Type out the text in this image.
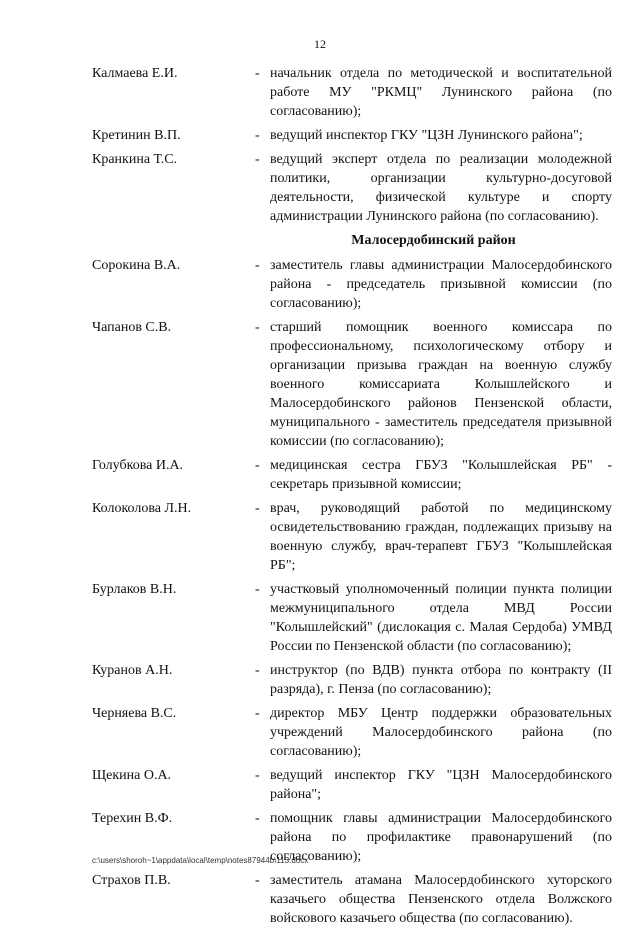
12
Калмаева Е.И.	- начальник отдела по методической и воспитательной работе МУ "РКМЦ" Лунинского района (по согласованию);
Кретинин В.П.	- ведущий инспектор ГКУ "ЦЗН Лунинского района";
Кранкина Т.С.	- ведущий эксперт отдела по реализации молодежной политики, организации культурно-досуговой деятельности, физической культуре и спорту администрации Лунинского района (по согласованию).
Малосердобинский район
Сорокина В.А.	- заместитель главы администрации Малосердобинского района - председатель призывной комиссии (по согласованию);
Чапанов С.В.	- старший помощник военного комиссара по профессиональному, психологическому отбору и организации призыва граждан на военную службу военного комиссариата Колышлейского и Малосердобинского районов Пензенской области, муниципального - заместитель председателя призывной комиссии (по согласованию);
Голубкова И.А.	- медицинская сестра ГБУЗ "Колышлейская РБ" - секретарь призывной комиссии;
Колоколова Л.Н.	- врач, руководящий работой по медицинскому освидетельствованию граждан, подлежащих призыву на военную службу, врач-терапевт ГБУЗ "Колышлейская РБ";
Бурлаков В.Н.	- участковый уполномоченный полиции пункта полиции межмуниципального отдела МВД России "Колышлейский" (дислокация с. Малая Сердоба) УМВД России по Пензенской области (по согласованию);
Куранов А.Н.	- инструктор (по ВДВ) пункта отбора по контракту (II разряда), г. Пенза (по согласованию);
Черняева В.С.	- директор МБУ Центр поддержки образовательных учреждений Малосердобинского района (по согласованию);
Щекина О.А.	- ведущий инспектор ГКУ "ЦЗН Малосердобинского района";
Терехин В.Ф.	- помощник главы администрации Малосердобинского района по профилактике правонарушений (по согласованию);
Страхов П.В.	- заместитель атамана Малосердобинского хуторского казачьего общества Пензенского отдела Волжского войскового казачьего общества (по согласованию).
c:\users\shoroh~1\appdata\local\temp\notes87944b\113.docx
